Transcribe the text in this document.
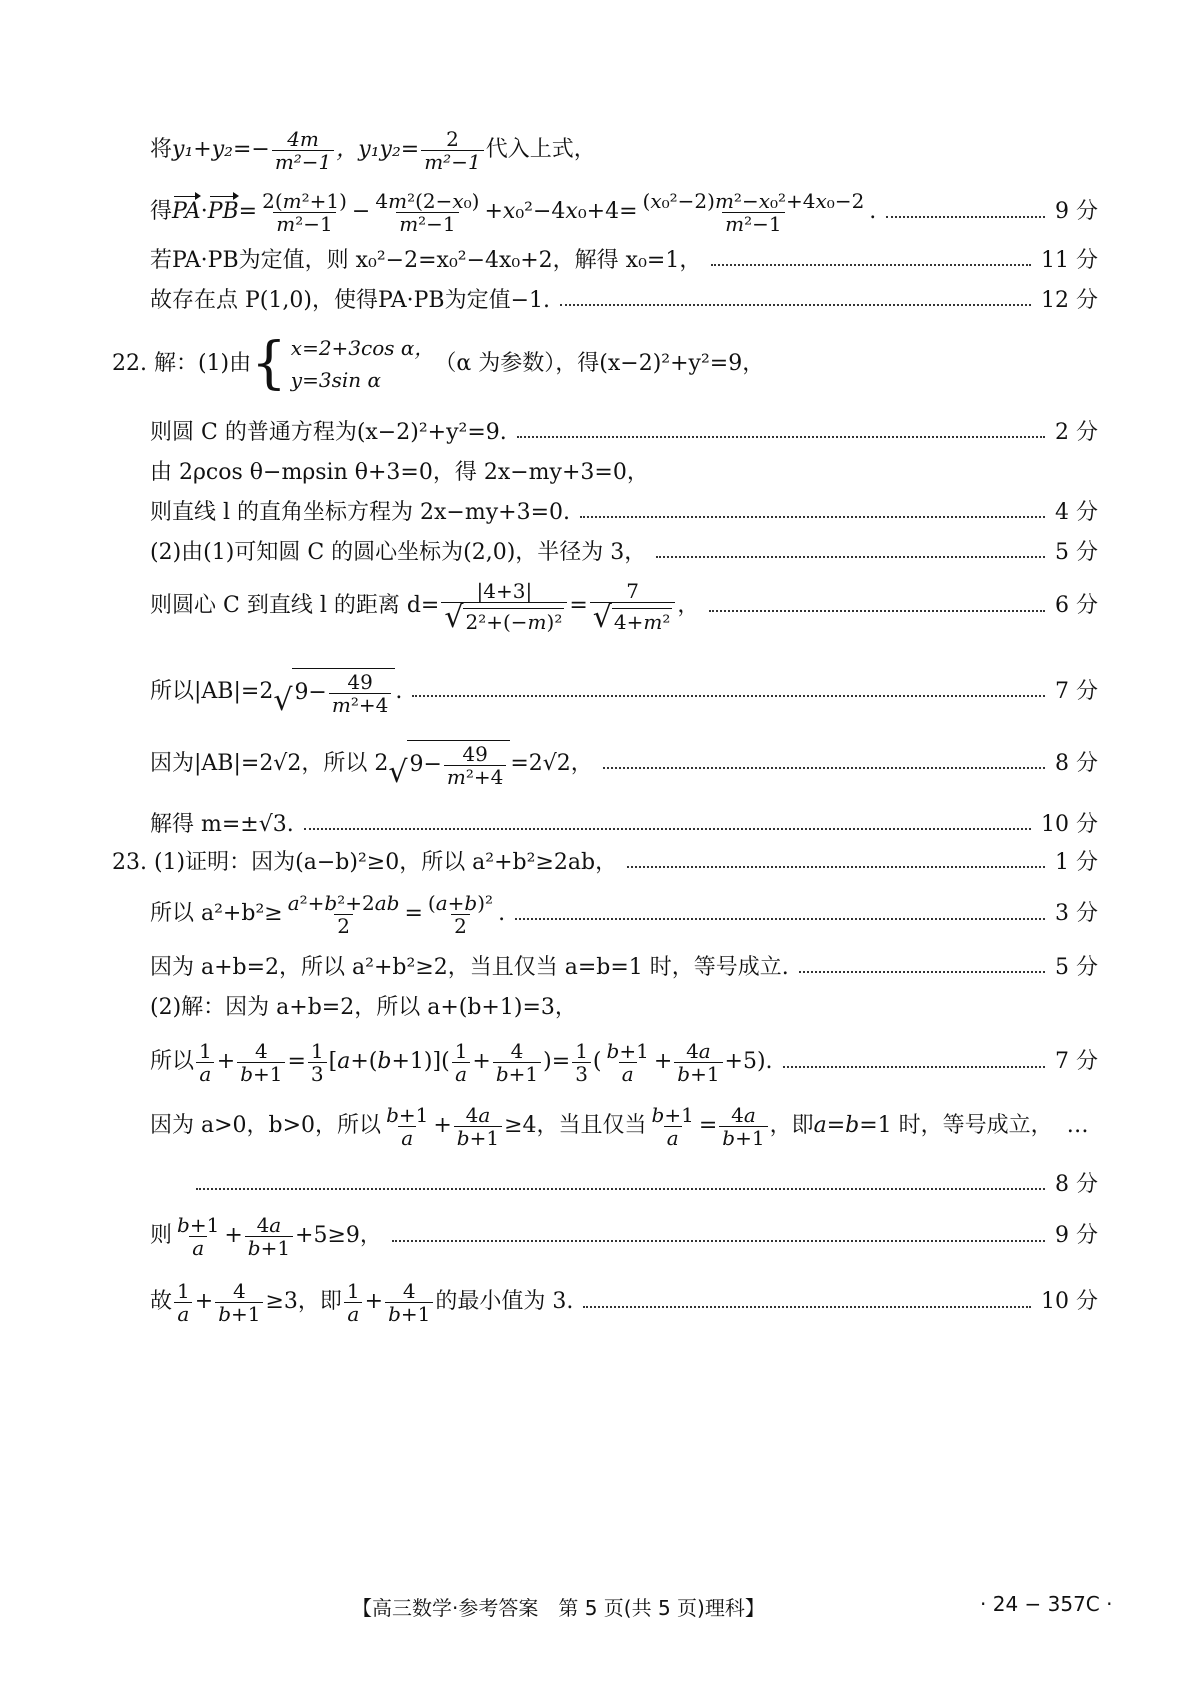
将 $y_1+y_2=- \frac{4m}{\text{m²−1}}$ ，$y_1y_2= \frac{2}{\text{m²−1}}$ 代入上式，
得 PA · PB = $\frac{\text{2(m²+1)}}{\text{m²−1}} - \frac{\text{4m²(2−x₀)}}{\text{m²−1}} + x$ ₀²−4 x $_0+4= \frac{\text{(x₀²−2)m²−x₀²+4x₀−2}}{\text{m²−1}}$ .	9 分
若PA·PB为定值，则 x₀²−2=x₀²−4x₀+2，解得 x₀=1，	11 分
故存在点 P(1,0)，使得PA·PB为定值−1.	12 分
22. 解：(1)由 { x=2+3cos α，
y=3sin α
（α 为参数），得(x−2)²+y²=9，
则圆 C 的普通方程为(x−2)²+y²=9.	2 分
由 2ρcos θ−mρsin θ+3=0，得 2x−my+3=0，
则直线 l 的直角坐标方程为 2x−my+3=0.	4 分
(2)由(1)可知圆 C 的圆心坐标为(2,0)，半径为 3，	5 分
则圆心 C 到直线 l 的距离 $d= \frac{|4+3|}{\text{√ 2²+(− m )²}} = \frac{7}{\text{√ 4+ m ²}}$ ，	6 分
所以|AB|=2 √ $9- \frac{49}{\text{m²+4}}$ .	7 分
因为|AB|=2√2，所以 2 √ $9- \frac{49}{\text{m²+4}} =2√2$，	8 分
解得 m=±√3.	10 分
23. (1)证明：因为(a−b)²≥0，所以 a²+b²≥2ab，	1 分
所以 $a^2+b^2\ge \frac{\text{a²+b²+2ab}}{2} = \frac{\text{(a+b)²}}{2}$ .	3 分
因为 a+b=2，所以 a²+b²≥2，当且仅当 a=b=1 时，等号成立.	5 分
(2)解：因为 a+b=2，所以 a+(b+1)=3，
所以 $\frac{1}{a} + \frac{4}{b+1} = \frac{1}{3}$ [ a +( $b +1)]( \frac{1}{a} + \frac{4}{b+1}$ )= $\frac{1}{3}$ ( $\frac{b+1}{a} + \frac{4a}{b+1} +5$).	7 分
因为 a>0，b>0，所以 $\frac{b+1}{a} + \frac{4a}{b+1} \ge 4$，当且仅当 $\frac{b+1}{a} = \frac{4a}{b+1}$ ，即 a = b =1 时，等号成立， …
8 分
则 $\frac{b+1}{a} + \frac{4a}{b+1} +5\ge 9$，	9 分
故 $\frac{1}{a} + \frac{4}{b+1} \ge 3$，即 $\frac{1}{a} + \frac{4}{b+1}$ 的最小值为 3.	10 分
【高三数学·参考答案　第 5 页(共 5 页)理科】	· 24 − 357C ·
